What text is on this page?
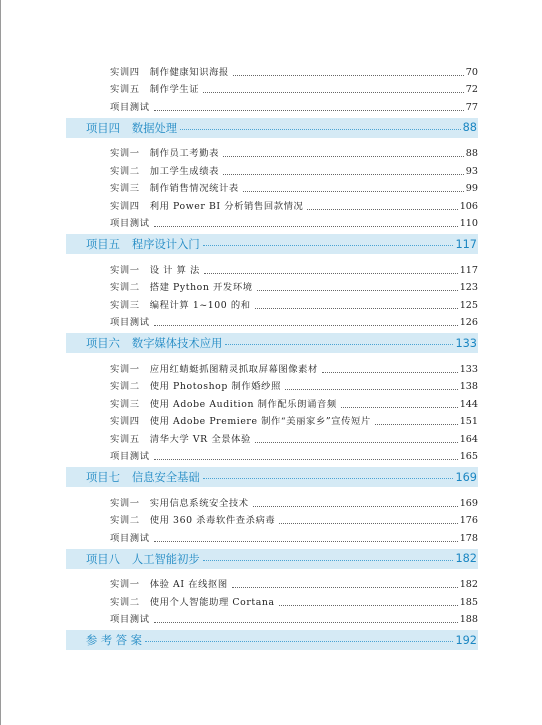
实训四 制作健康知识海报	70
实训五 制作学生证	72
项目测试	77
项目四 数据处理	88
实训一 制作员工考勤表	88
实训二 加工学生成绩表	93
实训三 制作销售情况统计表	99
实训四 利用 Power BI 分析销售回款情况	106
项目测试	110
项目五 程序设计入门	117
实训一 设 计 算 法	117
实训二 搭建 Python 开发环境	123
实训三 编程计算 1~100 的和	125
项目测试	126
项目六 数字媒体技术应用	133
实训一 应用红蜻蜓抓图精灵抓取屏幕图像素材	133
实训二 使用 Photoshop 制作婚纱照	138
实训三 使用 Adobe Audition 制作配乐朗诵音频	144
实训四 使用 Adobe Premiere 制作“美丽家乡”宣传短片	151
实训五 清华大学 VR 全景体验	164
项目测试	165
项目七 信息安全基础	169
实训一 实用信息系统安全技术	169
实训二 使用 360 杀毒软件查杀病毒	176
项目测试	178
项目八 人工智能初步	182
实训一 体验 AI 在线抠图	182
实训二 使用个人智能助理 Cortana	185
项目测试	188
参 考 答 案	192
